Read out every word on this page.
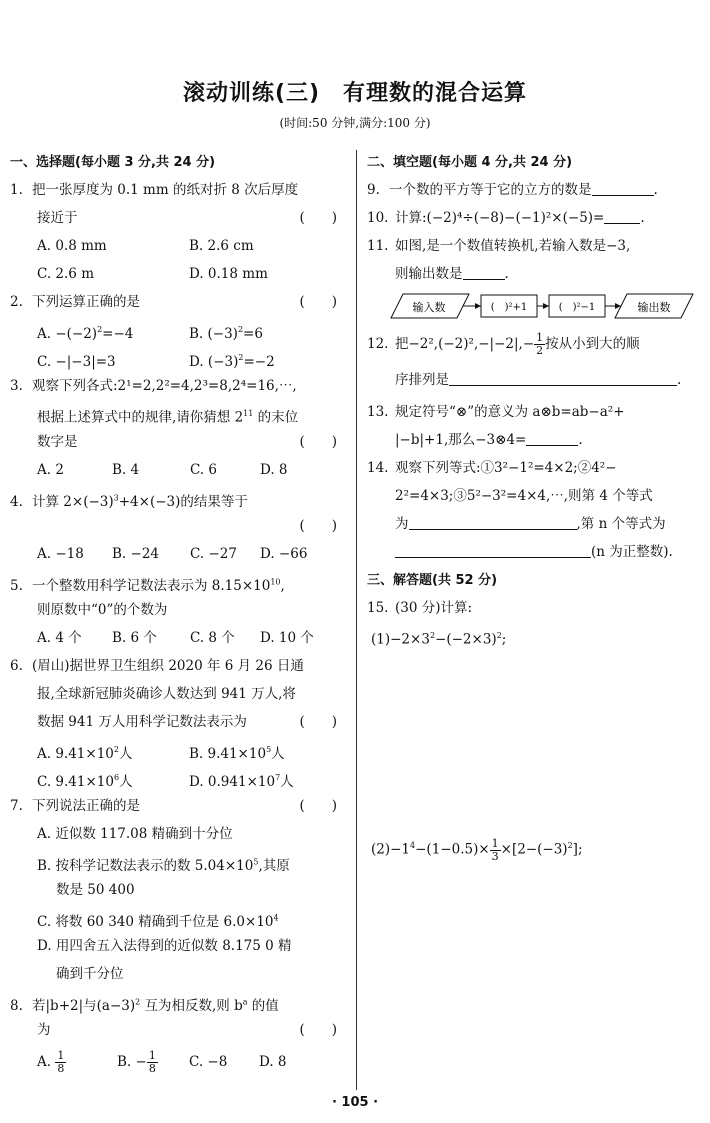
滚动训练(三)　有理数的混合运算
(时间:50 分钟,满分:100 分)
一、选择题(每小题 3 分,共 24 分)
1. 把一张厚度为 0.1 mm 的纸对折 8 次后厚度
接近于	(　　)
A. 0.8 mm	B. 2.6 cm
C. 2.6 m	D. 0.18 mm
2. 下列运算正确的是	(　　)
A. $-(-2)^2=-4$	B. $(-3)^2=6$
C. −|−3|=3	D. $(-3)^2=-2$
3. 观察下列各式:2¹=2,2²=4,2³=8,2⁴=16,⋯,
根据上述算式中的规律,请你猜想 $2^{11}$ 的末位
数字是	(　　)
A. 2	B. 4	C. 6	D. 8
4. 计算 $2\times(-3)^3+4\times(-3)$的结果等于
(　　)
A. −18 B. −24 C. −27 D. −66
5. 一个整数用科学记数法表示为 $8.15\times 10^{10}$,
则原数中“0”的个数为
A. 4 个 B. 6 个 C. 8 个 D. 10 个
6. (眉山)据世界卫生组织 2020 年 6 月 26 日通
报,全球新冠肺炎确诊人数达到 941 万人,将
数据 941 万人用科学记数法表示为	(　　)
A. $9.41\times 10^2$人	B. $9.41\times 10^5$人
C. $9.41\times 10^6$人	D. $0.941\times 10^7$人
7. 下列说法正确的是	(　　)
A. 近似数 117.08 精确到十分位
B. 按科学记数法表示的数 $5.04\times 10^5$,其原
数是 50 400
C. 将数 60 340 精确到千位是 $6.0\times 10^4$
D. 用四舍五入法得到的近似数 8.175 0 精
确到千分位
8. 若|b+2|与$(a-3)^2$ 互为相反数,则 $b^a$ 的值
为	(　　)
A. $\frac{1}{8}$	B. − $\frac{1}{8} C$. −8 D. 8
二、填空题(每小题 4 分,共 24 分)
9. 一个数的平方等于它的立方的数是	.
10. 计算:(−2)⁴÷(−8)−(−1)²×(−5)=	.
11. 如图,是一个数值转换机,若输入数是−3,
则输出数是	.
输入数	(　)²+1	(　)²−1	输出数
12. 把$-2^2,(-2)^2,-|-2|,- \frac{1}{2}$ 按从小到大的顺
序排列是	.
13. 规定符号“⊗”的意义为 a⊗b=ab−a²+
|−b|+1,那么−3⊗4=	.
14. 观察下列等式:①3²−1²=4×2;②4²−
2²=4×3;③5²−3²=4×4,⋯,则第 4 个等式
为	,第 n 个等式为
(n 为正整数).
三、解答题(共 52 分)
15. (30 分)计算:
$(1)-2\times 3^2-(-2\times 3)^2$;
$(2)-1^4-(1-0.5)\times \frac{1}{3} \times[2-(-3)^2]$;
· 105 ·
